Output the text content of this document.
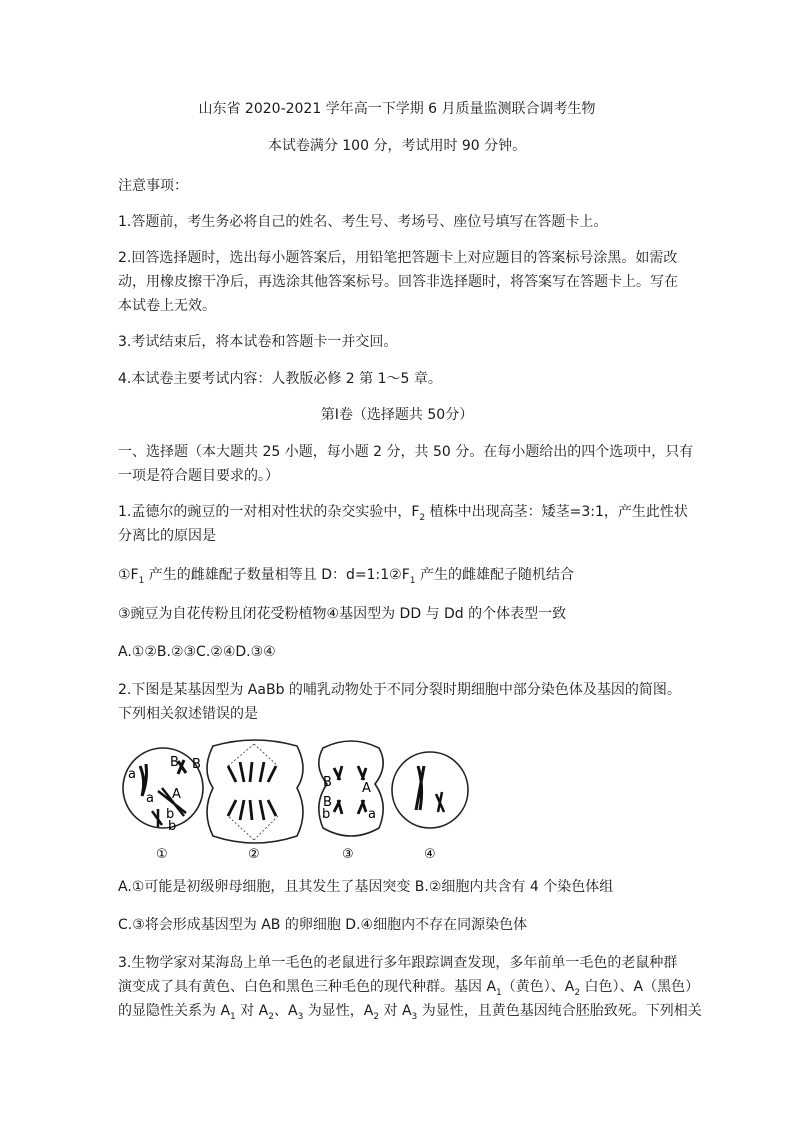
山东省 2020-2021 学年高一下学期 6 月质量监测联合调考生物
本试卷满分 100 分，考试用时 90 分钟。
注意事项：
1.答题前，考生务必将自己的姓名、考生号、考场号、座位号填写在答题卡上。
2.回答选择题时，选出每小题答案后，用铅笔把答题卡上对应题目的答案标号涂黑。如需改
动，用橡皮擦干净后，再选涂其他答案标号。回答非选择题时，将答案写在答题卡上。写在
本试卷上无效。
3.考试结束后，将本试卷和答题卡一并交回。
4.本试卷主要考试内容：人教版必修 2 第 1～5 章。
第Ⅰ卷（选择题共 50分）
一、选择题（本大题共 25 小题，每小题 2 分，共 50 分。在每小题给出的四个选项中，只有
一项是符合题目要求的。）
1.孟德尔的豌豆的一对相对性状的杂交实验中，$F_2$ 植株中出现高茎：矮茎=3:1，产生此性状
分离比的原因是
$①F_1$ 产生的雌雄配子数量相等且 D：$d=1:1②F_1$ 产生的雌雄配子随机结合
③豌豆为自花传粉且闭花受粉植物④基因型为 DD 与 Dd 的个体表型一致
A.①②B.②③C.②④D.③④
2.下图是某基因型为 AaBb 的哺乳动物处于不同分裂时期细胞中部分染色体及基因的简图。
下列相关叙述错误的是
a
B B
a A
b
b
①	②
B A
B
b	a
③	④
A.①可能是初级卵母细胞，且其发生了基因突变 B.②细胞内共含有 4 个染色体组
C.③将会形成基因型为 AB 的卵细胞 D.④细胞内不存在同源染色体
3.生物学家对某海岛上单一毛色的老鼠进行多年跟踪调查发现，多年前单一毛色的老鼠种群
演变成了具有黄色、白色和黑色三种毛色的现代种群。基因 $A_1$（黄色）、$A_2$ 白色）、A（黑色）
的显隐性关系为 $A_1$ 对 $A_2$、$A_3$ 为显性，$A_2$ 对 $A_3$ 为显性，且黄色基因纯合胚胎致死。下列相关
